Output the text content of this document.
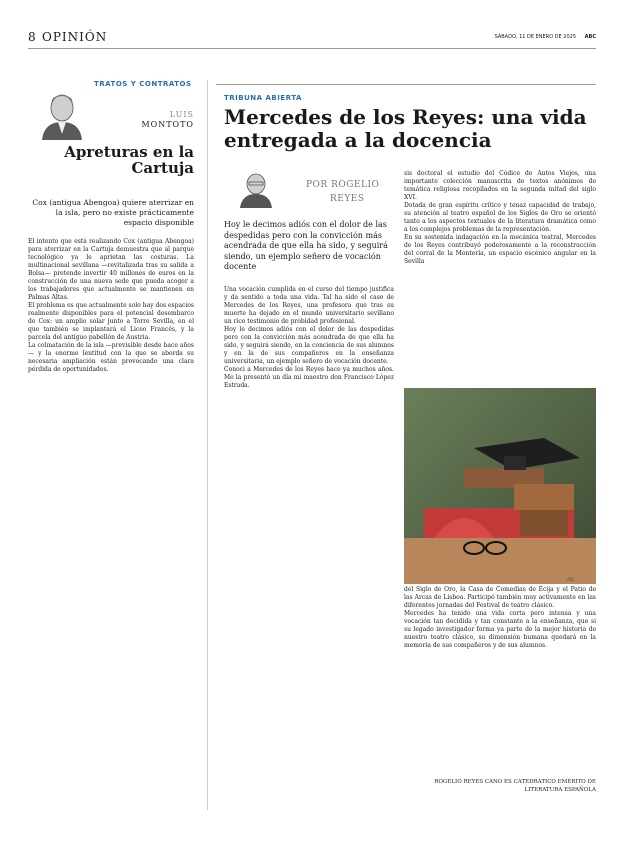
8 OPINIÓN	SÁBADO, 11 DE ENERO DE 2025 ABC
TRATOS Y CONTRATOS
LUIS
MONTOTO
Apreturas en la Cartuja
Cox (antigua Abengoa) quiere aterrizar en la isla, pero no existe prácticamente espacio disponible

El intento que está realizando Cox (antigua Abengoa) para aterrizar en la Cartuja demuestra que al parque tecnológico ya le aprietan las costuras. La multinacional sevillana —revitalizada tras su salida a Bolsa— pretende invertir 40 millones de euros en la construcción de una nueva sede que pueda acoger a los trabajadores que actualmente se mantienen en Palmas Altas.

El problema es que actualmente solo hay dos espacios realmente disponibles para el potencial desembarco de Cox: un amplio solar junto a Torre Sevilla, en el que también se implantará el Liceo Francés, y la parcela del antiguo pabellón de Austria.

La colmatación de la isla —previsible desde hace años— y la enorme lentitud con la que se aborda su necesaria ampliación están provocando una clara pérdida de oportunidades.

TRIBUNA ABIERTA
Mercedes de los Reyes: una vida entregada a la docencia
POR ROGELIO
REYES
Hoy le decimos adiós con el dolor de las despedidas pero con la convicción más acendrada de que ella ha sido, y seguirá siendo, un ejemplo señero de vocación docente

Una vocación cumplida en el curso del tiempo justifica y da sentido a toda una vida. Tal ha sido el caso de Mercedes de los Reyes, una profesora que tras su muerte ha dejado en el mundo universitario sevillano un rico testimonio de probidad profesional.

Hoy le decimos adiós con el dolor de las despedidas pero con la convicción más acendrada de que ella ha sido, y seguirá siendo, en la conciencia de sus alumnos y en la de sus compañeros en la enseñanza universitaria, un ejemplo señero de vocación docente.

Conoci a Mercedes de los Reyes hace ya muchos años. Me la presentó un día mi maestro don Francisco López Estrada.

sis doctoral el estudio del Códice de Autos Viejos, una importante colección manuscrita de textos anónimos de temática religiosa recopilados en la segunda mitad del siglo XVI.

Dotada de gran espíritu crítico y tenaz capacidad de trabajo, su atención al teatro español de los Siglos de Oro se orientó tanto a los aspectos textuales de la literatura dramática como a los complejos problemas de la representación.

En su sostenida indagación en la mecánica teatral, Mercedes de los Reyes contribuyó poderosamente a la reconstrucción del corral de la Montería, un espacio escénico angular en la Sevilla

ABC

del Siglo de Oro, la Casa de Comedias de Écija y el Patio de las Arcas de Lisboa. Participó también muy activamente en las diferentes jornadas del Festival de teatro clásico.

Mercedes ha tenido una vida corta pero intensa y una vocación tan decidida y tan constante a la enseñanza, que si su legado investigador forma ya parte de la mejor historia de nuestro teatro clásico, su dimensión humana quedará en la memoria de sus compañeros y de sus alumnos.

ROGELIO REYES CANO ES CATEDRÁTICO EMÉRITO DE LITERATURA ESPAÑOLA
